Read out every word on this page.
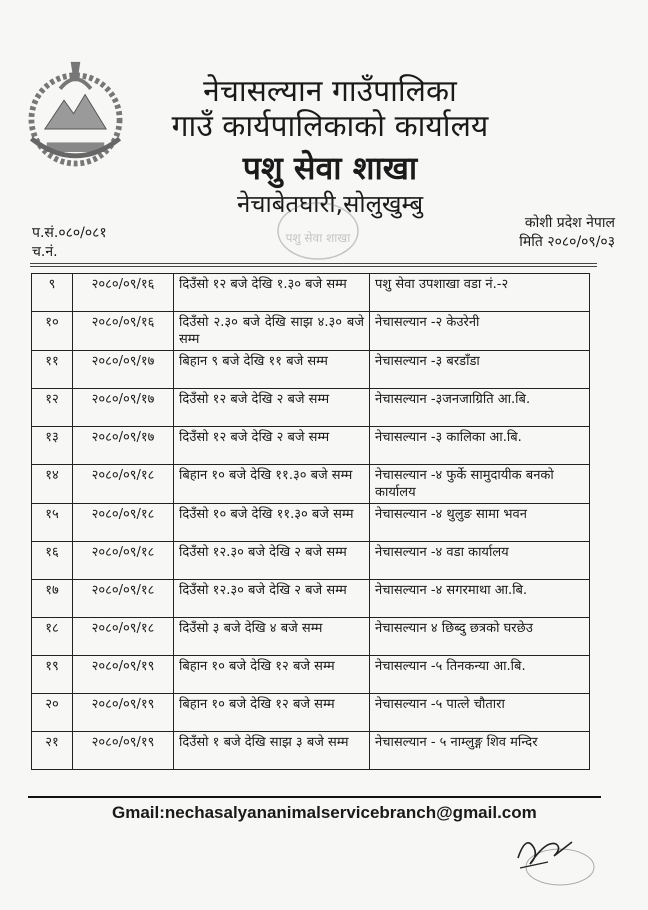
नेचासल्यान गाउँपालिका
गाउँ कार्यपालिकाको कार्यालय
पशु सेवा शाखा
नेचाबेतघारी,सोलुखुम्बु
पशु सेवा शाखा
प.सं.०८०/०८१
च.नं.
कोशी प्रदेश नेपाल
मिति २०८०/०९/०३
९	२०८०/०९/१६	दिउँसो १२ बजे देखि १.३० बजे सम्म	पशु सेवा उपशाखा वडा नं.-२
१०	२०८०/०९/१६	दिउँसो २.३० बजे देखि साझ ४.३० बजे सम्म	नेचासल्यान -२ केउरेनी
११	२०८०/०९/१७	बिहान ९ बजे देखि ११ बजे सम्म	नेचासल्यान -३ बरडाँडा
१२	२०८०/०९/१७	दिउँसो १२ बजे देखि २ बजे सम्म	नेचासल्यान -३जनजाग्रिति आ.बि.
१३	२०८०/०९/१७	दिउँसो १२ बजे देखि २ बजे सम्म	नेचासल्यान -३ कालिका आ.बि.
१४	२०८०/०९/१८	बिहान १० बजे देखि ११.३० बजे सम्म	नेचासल्यान -४ फुर्के सामुदायीक बनको कार्यालय
१५	२०८०/०९/१८	दिउँसो १० बजे देखि ११.३० बजे सम्म	नेचासल्यान -४ थुलुङ सामा भवन
१६	२०८०/०९/१८	दिउँसो १२.३० बजे देखि २ बजे सम्म	नेचासल्यान -४ वडा कार्यालय
१७	२०८०/०९/१८	दिउँसो १२.३० बजे देखि २ बजे सम्म	नेचासल्यान -४ सगरमाथा आ.बि.
१८	२०८०/०९/१८	दिउँसो ३ बजे देखि ४ बजे सम्म	नेचासल्यान ४ छिब्दु छत्रको घरछेउ
१९	२०८०/०९/१९	बिहान १० बजे देखि १२ बजे सम्म	नेचासल्यान -५ तिनकन्या आ.बि.
२०	२०८०/०९/१९	बिहान १० बजे देखि १२ बजे सम्म	नेचासल्यान -५ पात्ले चौतारा
२१	२०८०/०९/१९	दिउँसो १ बजे देखि साझ ३ बजे सम्म	नेचासल्यान - ५ नाम्लुङ्ग शिव मन्दिर
Gmail:nechasalyananimalservicebranch@gmail.com
